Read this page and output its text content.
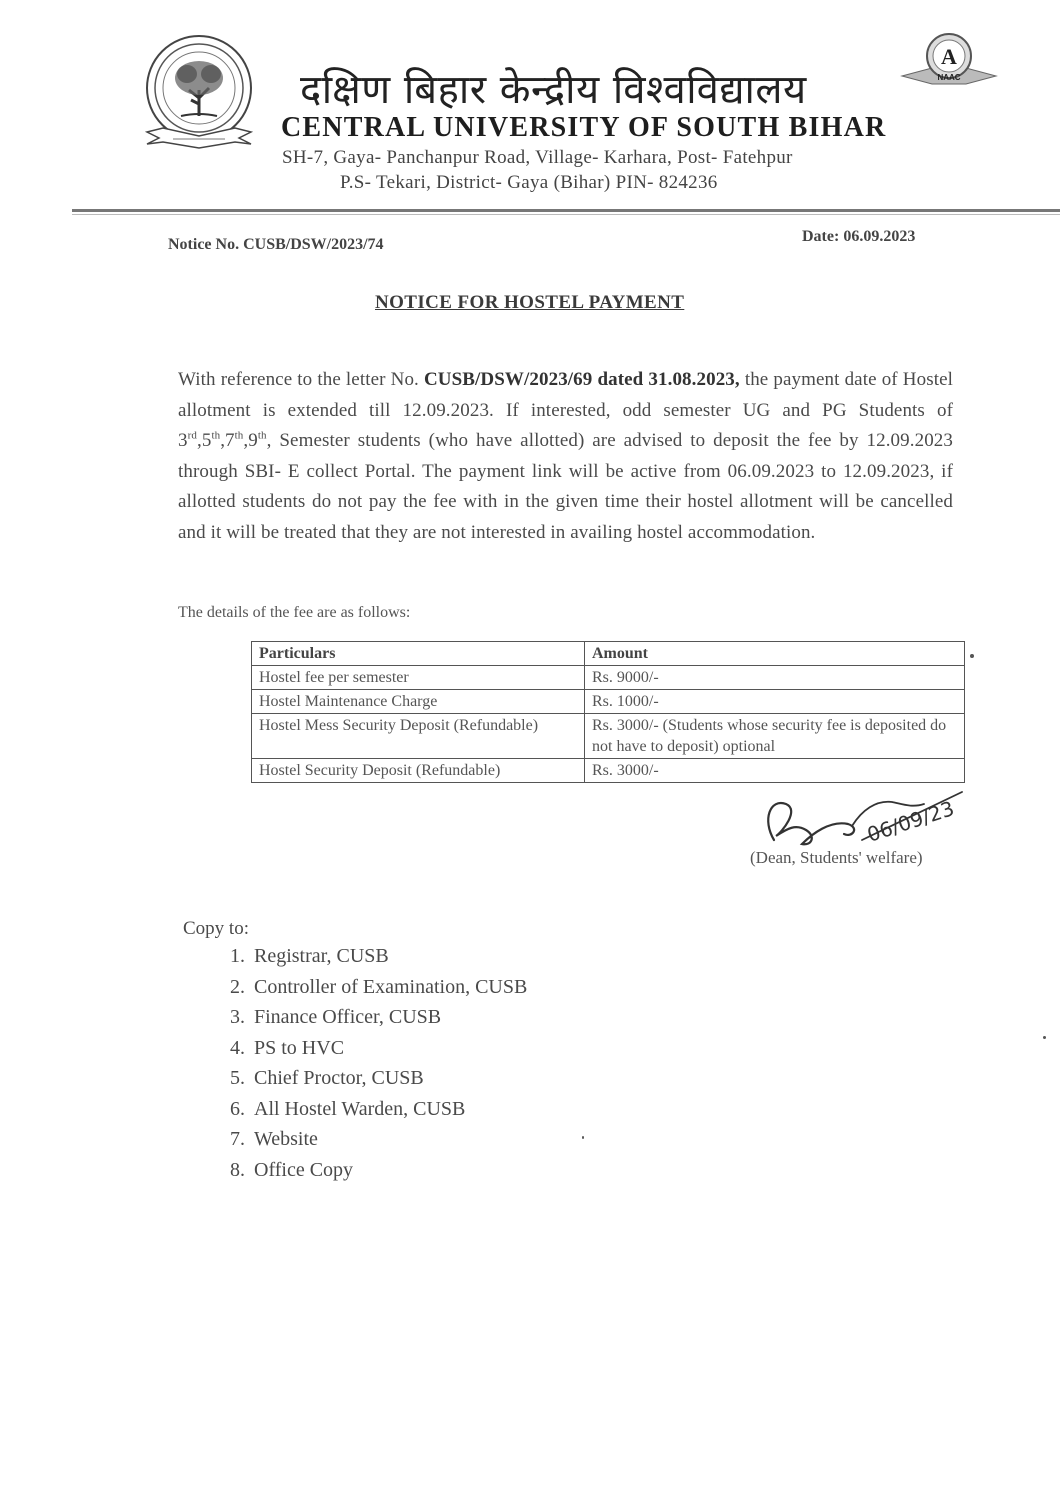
A
NAAC
दक्षिण बिहार केन्द्रीय विश्वविद्यालय
CENTRAL UNIVERSITY OF SOUTH BIHAR
SH-7, Gaya- Panchanpur Road, Village- Karhara, Post- Fatehpur
P.S- Tekari, District- Gaya (Bihar) PIN- 824236
Notice No. CUSB/DSW/2023/74	Date: 06.09.2023
NOTICE FOR HOSTEL PAYMENT
With reference to the letter No. CUSB/DSW/2023/69 dated 31.08.2023, the payment date of Hostel allotment is extended till 12.09.2023. If interested, odd semester UG and PG Students of 3rd,5th,7th,9th, Semester students (who have allotted) are advised to deposit the fee by 12.09.2023 through SBI- E collect Portal. The payment link will be active from 06.09.2023 to 12.09.2023, if allotted students do not pay the fee with in the given time their hostel allotment will be cancelled and it will be treated that they are not interested in availing hostel accommodation.
The details of the fee are as follows:
Particulars	Amount
Hostel fee per semester	Rs. 9000/-
Hostel Maintenance Charge	Rs. 1000/-
Hostel Mess Security Deposit (Refundable)	Rs. 3000/- (Students whose security fee is deposited do not have to deposit) optional
Hostel Security Deposit (Refundable)	Rs. 3000/-
06/09/23
(Dean, Students' welfare)
Copy to:
1. Registrar, CUSB
2. Controller of Examination, CUSB
3. Finance Officer, CUSB
4. PS to HVC
5. Chief Proctor, CUSB
6. All Hostel Warden, CUSB
7. Website
8. Office Copy
